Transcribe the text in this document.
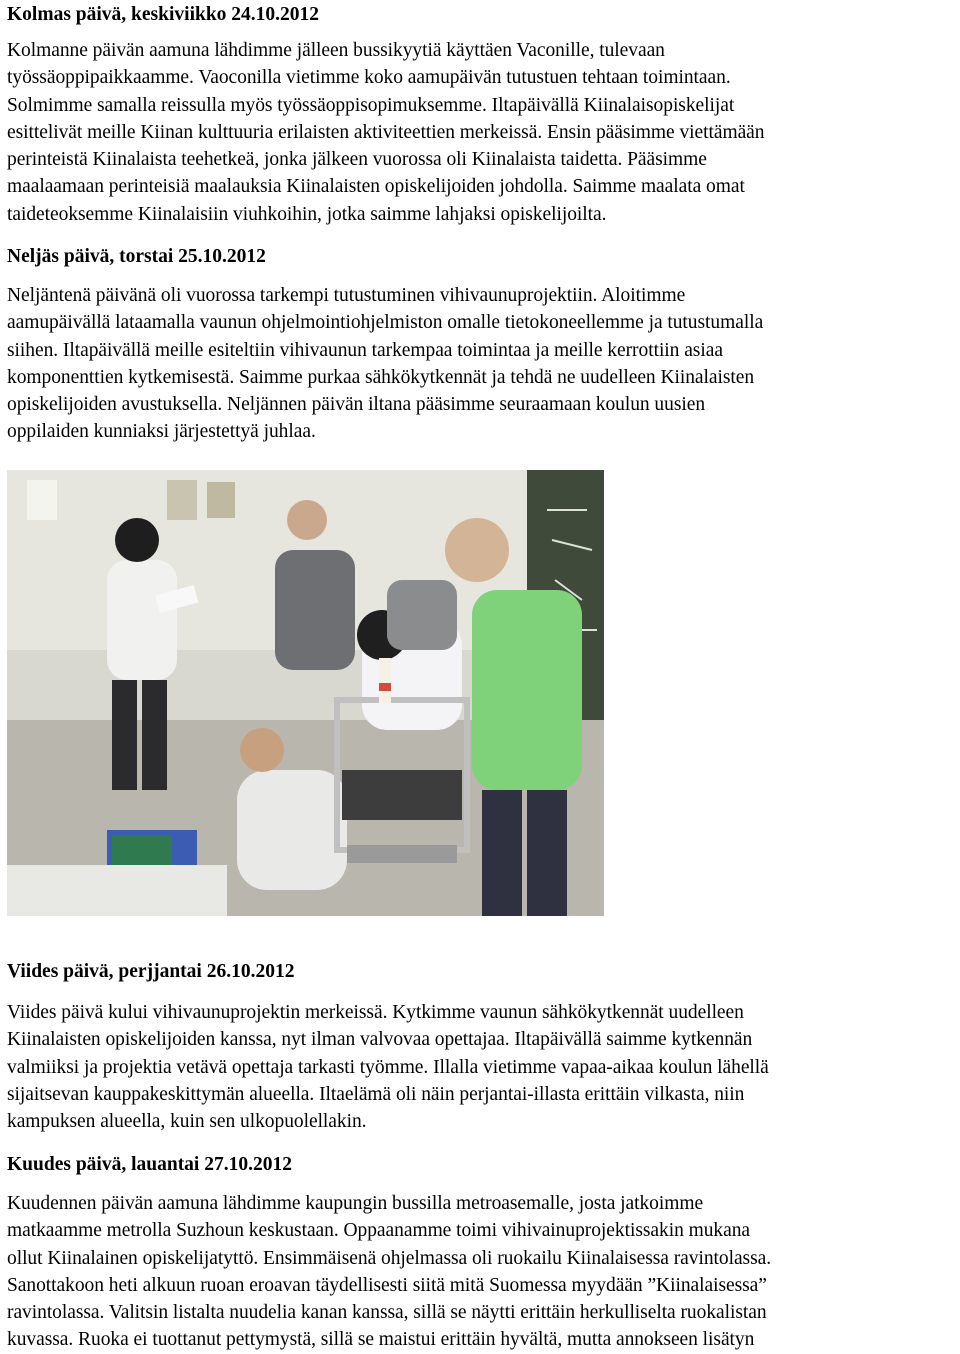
Kolmas päivä, keskiviikko 24.10.2012

Kolmanne päivän aamuna lähdimme jälleen bussikyytiä käyttäen Vaconille, tulevaan
työssäoppipaikkaamme. Vaoconilla vietimme koko aamupäivän tutustuen tehtaan toimintaan.
Solmimme samalla reissulla myös työssäoppisopimuksemme. Iltapäivällä Kiinalaisopiskelijat
esittelivät meille Kiinan kulttuuria erilaisten aktiviteettien merkeissä. Ensin pääsimme viettämään
perinteistä Kiinalaista teehetkeä, jonka jälkeen vuorossa oli Kiinalaista taidetta. Pääsimme
maalaamaan perinteisiä maalauksia Kiinalaisten opiskelijoiden johdolla. Saimme maalata omat
taideteoksemme Kiinalaisiin viuhkoihin, jotka saimme lahjaksi opiskelijoilta.

Neljäs päivä, torstai 25.10.2012

Neljäntenä päivänä oli vuorossa tarkempi tutustuminen vihivaunuprojektiin. Aloitimme
aamupäivällä lataamalla vaunun ohjelmointiohjelmiston omalle tietokoneellemme ja tutustumalla
siihen. Iltapäivällä meille esiteltiin vihivaunun tarkempaa toimintaa ja meille kerrottiin asiaa
komponenttien kytkemisestä. Saimme purkaa sähkökytkennät ja tehdä ne uudelleen Kiinalaisten
opiskelijoiden avustuksella. Neljännen päivän iltana pääsimme seuraamaan koulun uusien
oppilaiden kunniaksi järjestettyä juhlaa.

Viides päivä, perjjantai 26.10.2012

Viides päivä kului vihivaunuprojektin merkeissä. Kytkimme vaunun sähkökytkennät uudelleen
Kiinalaisten opiskelijoiden kanssa, nyt ilman valvovaa opettajaa. Iltapäivällä saimme kytkennän
valmiiksi ja projektia vetävä opettaja tarkasti työmme. Illalla vietimme vapaa-aikaa koulun lähellä
sijaitsevan kauppakeskittymän alueella. Iltaelämä oli näin perjantai-illasta erittäin vilkasta, niin
kampuksen alueella, kuin sen ulkopuolellakin.

Kuudes päivä, lauantai 27.10.2012

Kuudennen päivän aamuna lähdimme kaupungin bussilla metroasemalle, josta jatkoimme
matkaamme metrolla Suzhoun keskustaan. Oppaanamme toimi vihivainuprojektissakin mukana
ollut Kiinalainen opiskelijatyttö. Ensimmäisenä ohjelmassa oli ruokailu Kiinalaisessa ravintolassa.
Sanottakoon heti alkuun ruoan eroavan täydellisesti siitä mitä Suomessa myydään ”Kiinalaisessa”
ravintolassa. Valitsin listalta nuudelia kanan kanssa, sillä se näytti erittäin herkulliselta ruokalistan
kuvassa. Ruoka ei tuottanut pettymystä, sillä se maistui erittäin hyvältä, mutta annokseen lisätyn
